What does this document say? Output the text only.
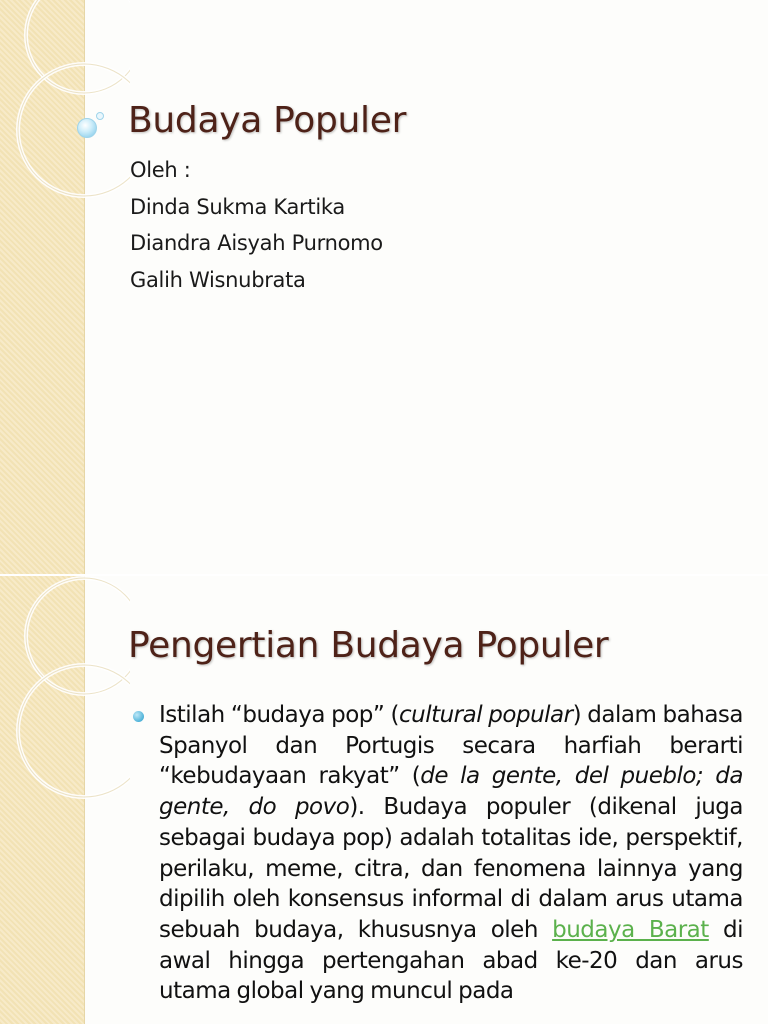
Budaya Populer
Oleh :
Dinda Sukma Kartika
Diandra Aisyah Purnomo
Galih Wisnubrata
Pengertian Budaya Populer

Istilah “budaya pop” (cultural popular) dalam bahasa Spanyol dan Portugis secara harfiah berarti “kebudayaan rakyat” (de la gente, del pueblo; da gente, do povo). Budaya populer (dikenal juga sebagai budaya pop) adalah totalitas ide, perspektif, perilaku, meme, citra, dan fenomena lainnya yang dipilih oleh konsensus informal di dalam arus utama sebuah budaya, khususnya oleh budaya Barat di awal hingga pertengahan abad ke-20 dan arus utama global yang muncul pada
